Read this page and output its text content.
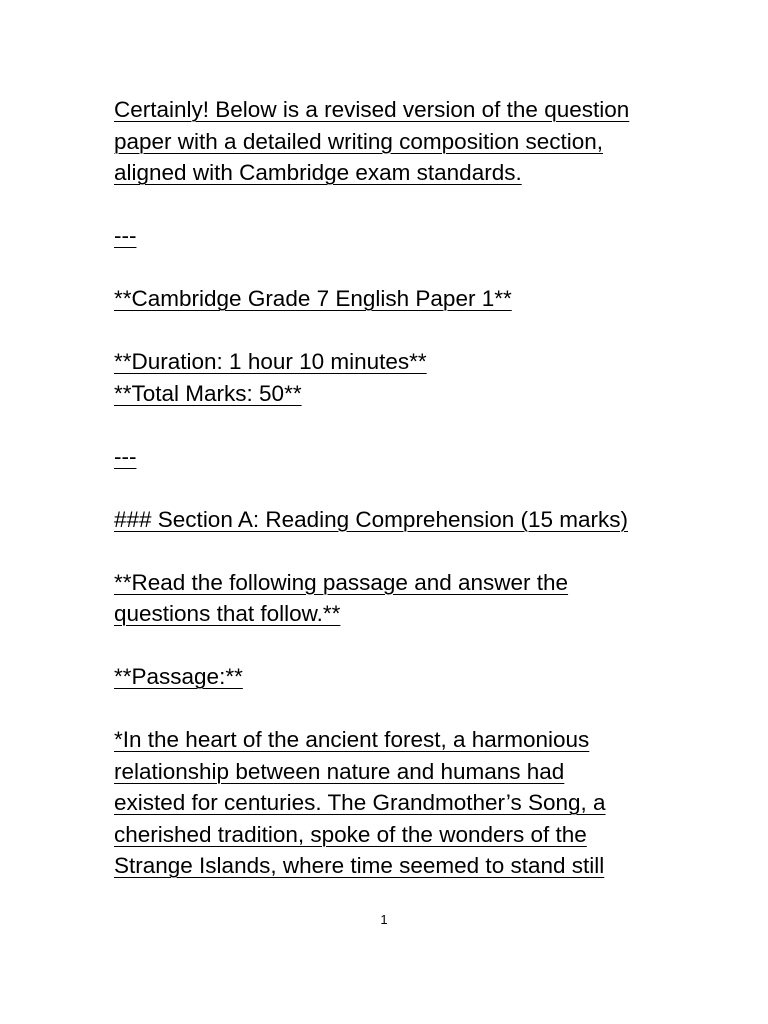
Certainly! Below is a revised version of the question
paper with a detailed writing composition section,
aligned with Cambridge exam standards.
---
**Cambridge Grade 7 English Paper 1**
**Duration: 1 hour 10 minutes**
**Total Marks: 50**
---
### Section A: Reading Comprehension (15 marks)
**Read the following passage and answer the
questions that follow.**
**Passage:**
*In the heart of the ancient forest, a harmonious
relationship between nature and humans had
existed for centuries. The Grandmother’s Song, a
cherished tradition, spoke of the wonders of the
Strange Islands, where time seemed to stand still
1
